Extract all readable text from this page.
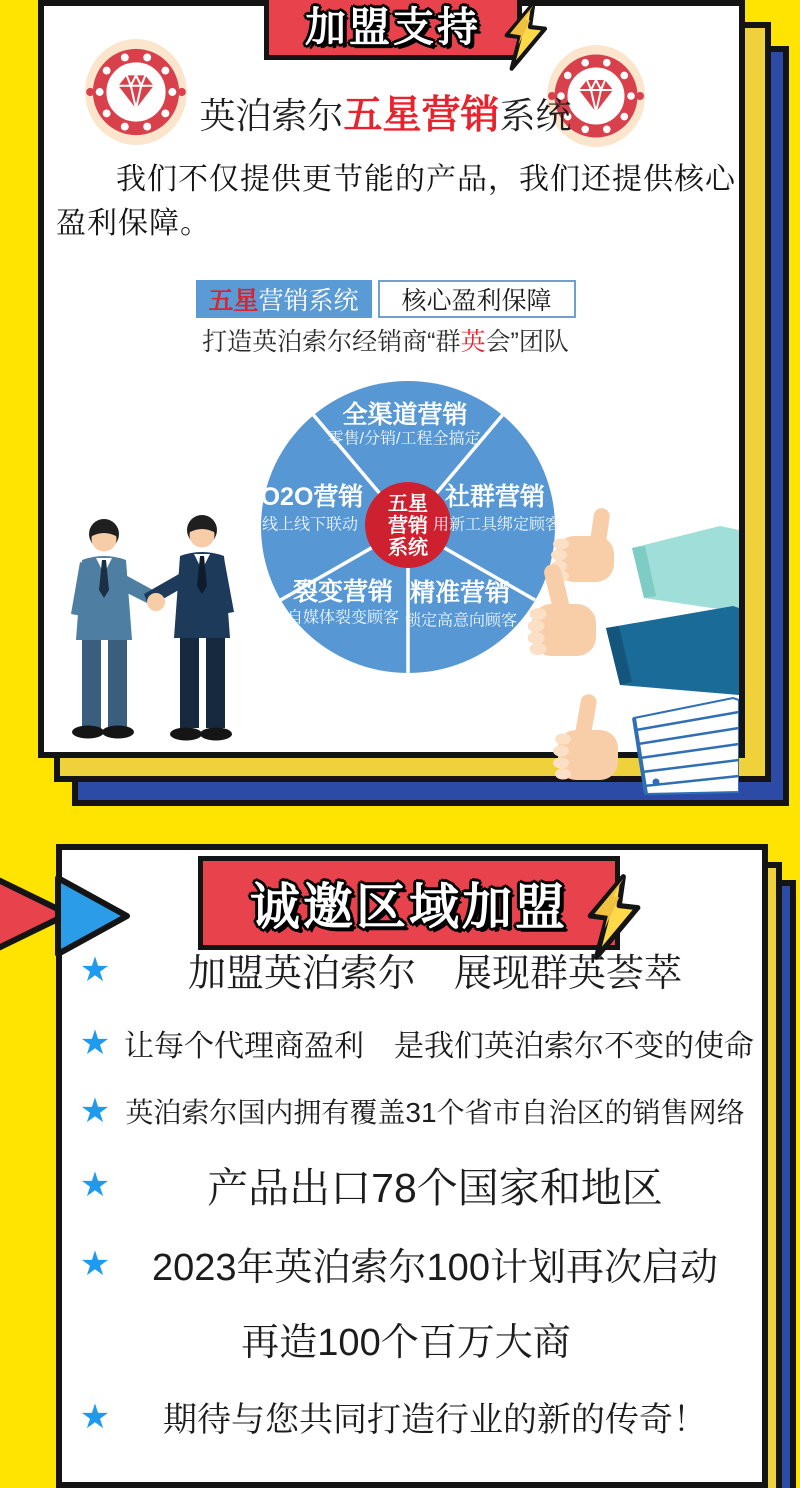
加盟支持
英泊索尔五星营销系统
我们不仅提供更节能的产品，我们还提供核心盈利保障。
五星 营销系统	核心盈利保障
打造英泊索尔经销商“群英会”团队
全渠道营销
零售/分销/工程全搞定
O2O营销
线上线下联动
社群营销
用新工具绑定顾客
裂变营销
自媒体裂变顾客
精准营销
锁定高意向顾客
五星
营销
系统
诚邀区域加盟
★	加盟英泊索尔　展现群英荟萃
★ 让每个代理商盈利　是我们英泊索尔不变的使命
★ 英泊索尔国内拥有覆盖31个省市自治区的销售网络
★	产品出口78个国家和地区
★	2023年英泊索尔100计划再次启动
再造100个百万大商
★	期待与您共同打造行业的新的传奇！
